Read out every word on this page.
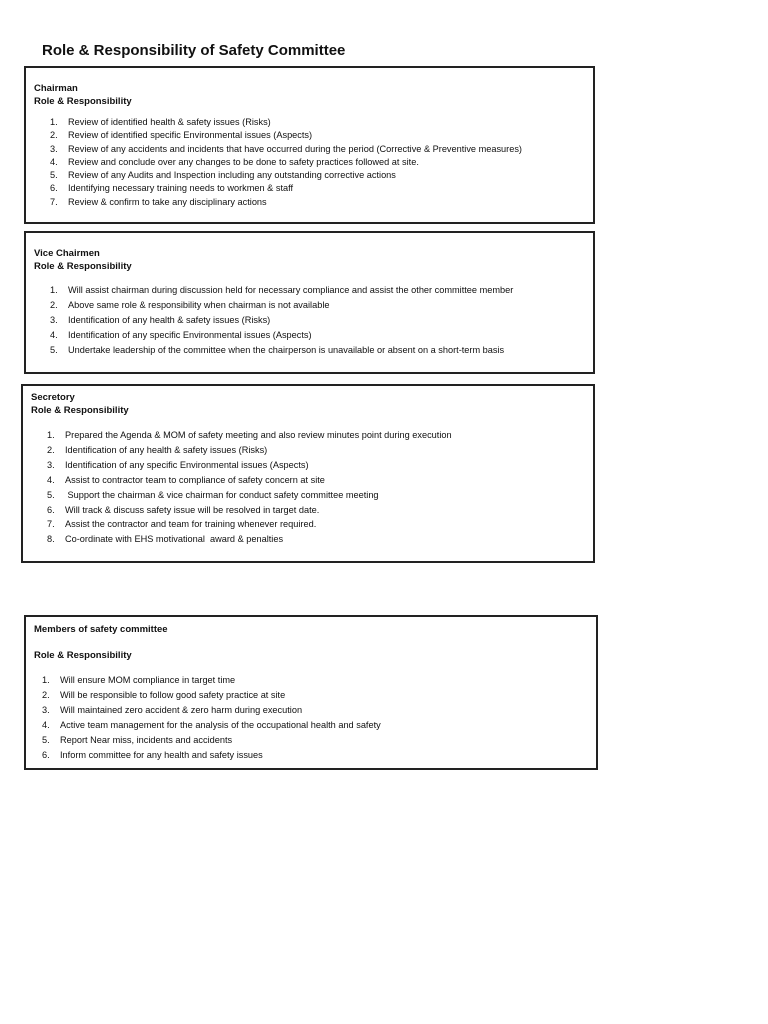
Role & Responsibility of Safety Committee

Chairman

Role & Responsibility

1. Review of identified health & safety issues (Risks)
2. Review of identified specific Environmental issues (Aspects)
3. Review of any accidents and incidents that have occurred during the period (Corrective & Preventive measures)
4. Review and conclude over any changes to be done to safety practices followed at site.
5. Review of any Audits and Inspection including any outstanding corrective actions
6. Identifying necessary training needs to workmen & staff
7. Review & confirm to take any disciplinary actions

Vice Chairmen

Role & Responsibility

1. Will assist chairman during discussion held for necessary compliance and assist the other committee member
2. Above same role & responsibility when chairman is not available
3. Identification of any health & safety issues (Risks)
4. Identification of any specific Environmental issues (Aspects)
5. Undertake leadership of the committee when the chairperson is unavailable or absent on a short-term basis

Secretory

Role & Responsibility

1. Prepared the Agenda & MOM of safety meeting and also review minutes point during execution
2. Identification of any health & safety issues (Risks)
3. Identification of any specific Environmental issues (Aspects)
4. Assist to contractor team to compliance of safety concern at site
5. Support the chairman & vice chairman for conduct safety committee meeting
6. Will track & discuss safety issue will be resolved in target date.
7. Assist the contractor and team for training whenever required.
8. Co-ordinate with EHS motivational  award & penalties

Members of safety committee

Role & Responsibility

1. Will ensure MOM compliance in target time
2. Will be responsible to follow good safety practice at site
3. Will maintained zero accident & zero harm during execution
4. Active team management for the analysis of the occupational health and safety
5. Report Near miss, incidents and accidents
6. Inform committee for any health and safety issues
